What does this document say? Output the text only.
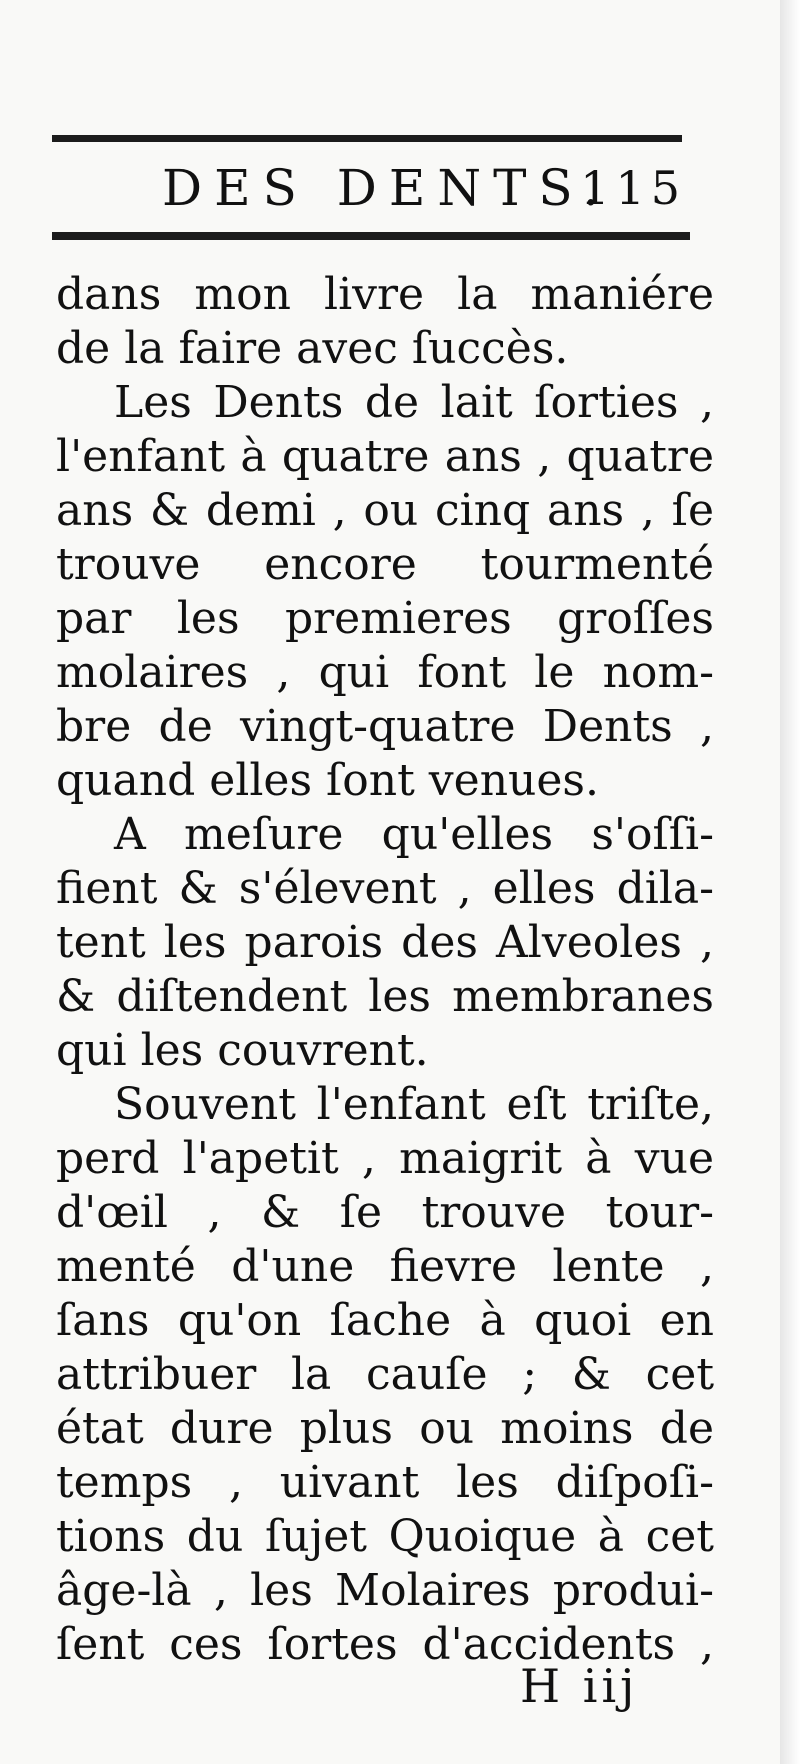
DES DENTS.
115
dans mon livre la maniére
de la faire avec ſuccès.
Les Dents de lait ſorties ,
l'enfant à quatre ans , quatre
ans & demi , ou cinq ans , ſe
trouve encore tourmenté
par les premieres groſſes
molaires , qui font le nom-
bre de vingt-quatre Dents ,
quand elles ſont venues.
A meſure qu'elles s'oſſi-
fient & s'élevent , elles dila-
tent les parois des Alveoles ,
& diſtendent les membranes
qui les couvrent.
Souvent l'enfant eſt triſte,
perd l'apetit , maigrit à vue
d'œil , & ſe trouve tour-
menté d'une fievre lente ,
ſans qu'on ſache à quoi en
attribuer la cauſe ; & cet
état dure plus ou moins de
temps , uivant les diſpoſi-
tions du ſujet Quoique à cet
âge-là , les Molaires produi-
ſent ces ſortes d'accidents ,
H iij
